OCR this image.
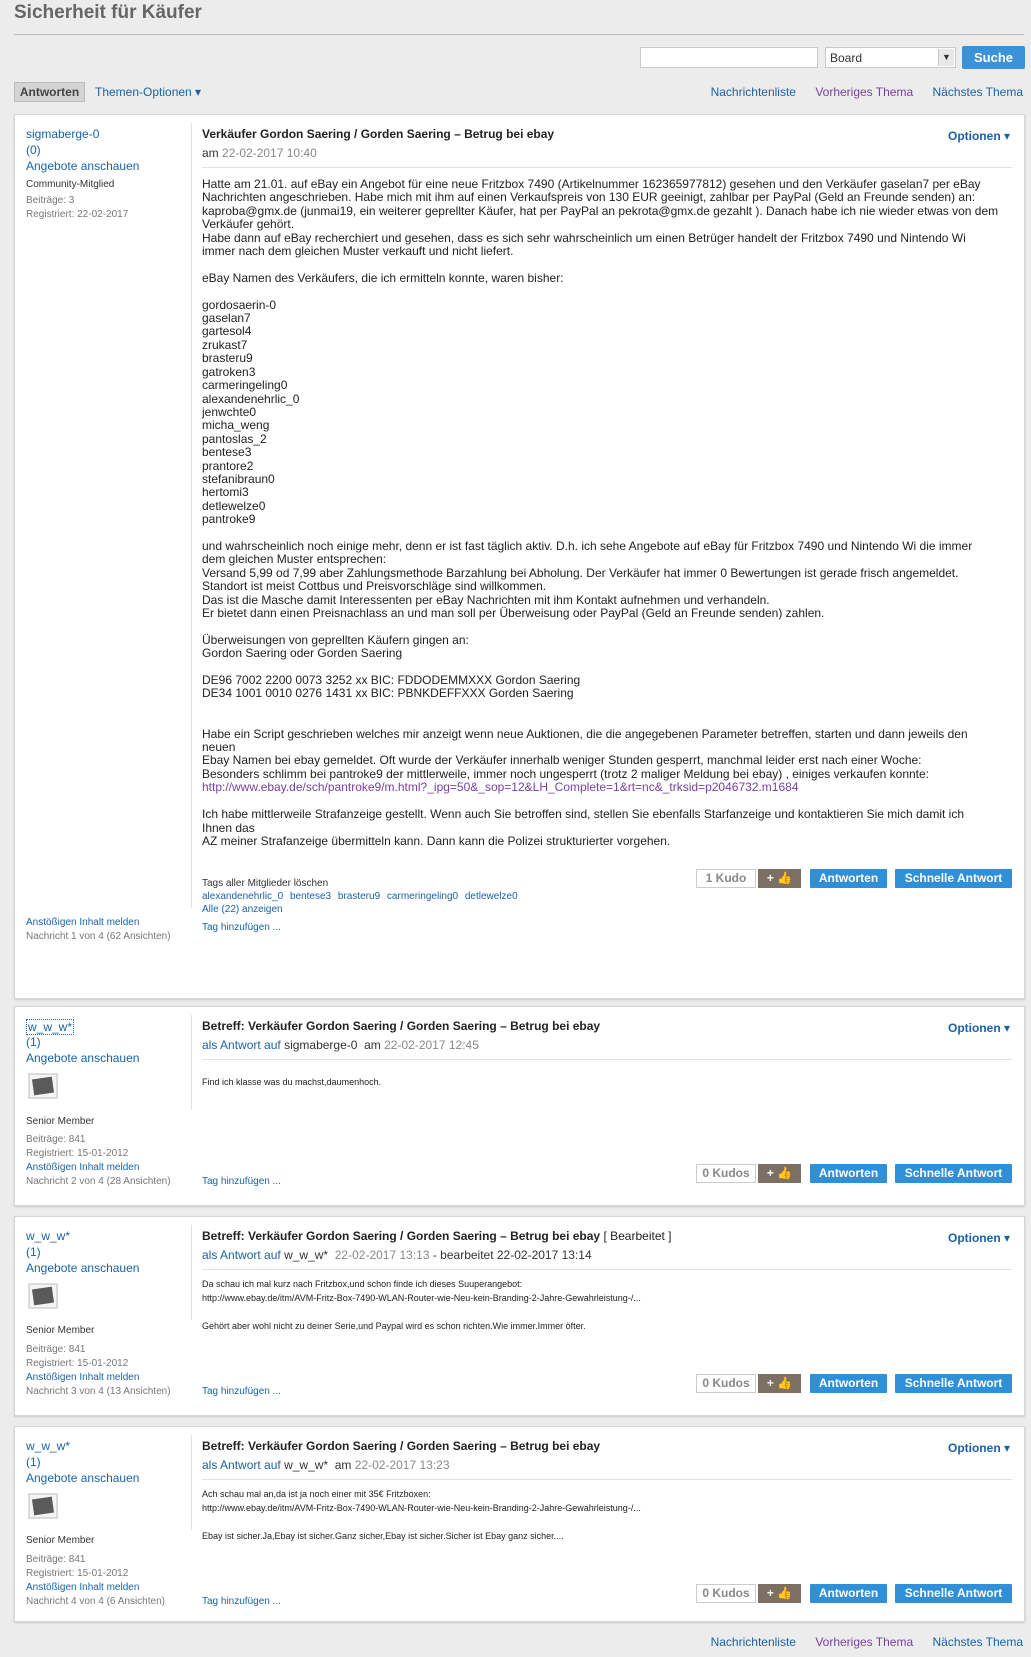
Sicherheit für Käufer
Board	▼	Suche
Antworten	Themen-Optionen ▾	Nachrichtenliste Vorheriges Thema Nächstes Thema
sigmaberge-0
(0)
Angebote anschauen
Community-Mitglied
Beiträge: 3
Registriert: 22-02-2017
Anstößigen Inhalt melden
Nachricht 1 von 4 (62 Ansichten)
Verkäufer Gordon Saering / Gorden Saering – Betrug bei ebay
am 22-02-2017 10:40
Optionen ▾
Hatte am 21.01. auf eBay ein Angebot für eine neue Fritzbox 7490 (Artikelnummer 162365977812) gesehen und den Verkäufer gaselan7 per eBay
Nachrichten angeschrieben. Habe mich mit ihm auf einen Verkaufspreis von 130 EUR geeinigt, zahlbar per PayPal (Geld an Freunde senden) an:
kaproba@gmx.de (junmai19, ein weiterer geprellter Käufer, hat per PayPal an pekrota@gmx.de gezahlt ). Danach habe ich nie wieder etwas von dem
Verkäufer gehört.
Habe dann auf eBay recherchiert und gesehen, dass es sich sehr wahrscheinlich um einen Betrüger handelt der Fritzbox 7490 und Nintendo Wi
immer nach dem gleichen Muster verkauft und nicht liefert.

eBay Namen des Verkäufers, die ich ermitteln konnte, waren bisher:

gordosaerin-0
gaselan7
gartesol4
zrukast7
brasteru9
gatroken3
carmeringeling0
alexandenehrlic_0
jenwchte0
micha_weng
pantoslas_2
bentese3
prantore2
stefanibraun0
hertomi3
detlewelze0
pantroke9

und wahrscheinlich noch einige mehr, denn er ist fast täglich aktiv. D.h. ich sehe Angebote auf eBay für Fritzbox 7490 und Nintendo Wi die immer
dem gleichen Muster entsprechen:
Versand 5,99 od 7,99 aber Zahlungsmethode Barzahlung bei Abholung. Der Verkäufer hat immer 0 Bewertungen ist gerade frisch angemeldet.
Standort ist meist Cottbus und Preisvorschläge sind willkommen.
Das ist die Masche damit Interessenten per eBay Nachrichten mit ihm Kontakt aufnehmen und verhandeln.
Er bietet dann einen Preisnachlass an und man soll per Überweisung oder PayPal (Geld an Freunde senden) zahlen.

Überweisungen von geprellten Käufern gingen an:
Gordon Saering oder Gorden Saering

DE96 7002 2200 0073 3252 xx BIC: FDDODEMMXXX Gordon Saering
DE34 1001 0010 0276 1431 xx BIC: PBNKDEFFXXX Gorden Saering

Habe ein Script geschrieben welches mir anzeigt wenn neue Auktionen, die die angegebenen Parameter betreffen, starten und dann jeweils den
neuen
Ebay Namen bei ebay gemeldet. Oft wurde der Verkäufer innerhalb weniger Stunden gesperrt, manchmal leider erst nach einer Woche:
Besonders schlimm bei pantroke9 der mittlerweile, immer noch ungesperrt (trotz 2 maliger Meldung bei ebay) , einiges verkaufen konnte:
http://www.ebay.de/sch/pantroke9/m.html?_ipg=50&_sop=12&LH_Complete=1&rt=nc&_trksid=p2046732.m1684

Ich habe mittlerweile Strafanzeige gestellt. Wenn auch Sie betroffen sind, stellen Sie ebenfalls Starfanzeige und kontaktieren Sie mich damit ich
Ihnen das
AZ meiner Strafanzeige übermitteln kann. Dann kann die Polizei strukturierter vorgehen.
Tags aller Mitglieder löschen
alexandenehrlic_0 bentese3 brasteru9 carmeringeling0 detlewelze0
Alle (22) anzeigen
Tag hinzufügen ...
1 Kudo	+ 👍	Antworten	Schnelle Antwort
w_w_w*
(1)
Angebote anschauen
Senior Member
Beiträge: 841
Registriert: 15-01-2012
Anstößigen Inhalt melden
Nachricht 2 von 4 (28 Ansichten)
Betreff: Verkäufer Gordon Saering / Gorden Saering – Betrug bei ebay
als Antwort auf sigmaberge-0 am 22-02-2017 12:45
Optionen ▾
Find ich klasse was du machst,daumenhoch.
Tag hinzufügen ...
0 Kudos	+ 👍	Antworten	Schnelle Antwort
w_w_w*
(1)
Angebote anschauen
Senior Member
Beiträge: 841
Registriert: 15-01-2012
Anstößigen Inhalt melden
Nachricht 3 von 4 (13 Ansichten)
Betreff: Verkäufer Gordon Saering / Gorden Saering – Betrug bei ebay [ Bearbeitet ]
als Antwort auf w_w_w* 22-02-2017 13:13 - bearbeitet 22-02-2017 13:14
Optionen ▾
Da schau ich mal kurz nach Fritzbox,und schon finde ich dieses Suuperangebot:
http://www.ebay.de/itm/AVM-Fritz-Box-7490-WLAN-Router-wie-Neu-kein-Branding-2-Jahre-Gewahrleistung-/...

Gehört aber wohl nicht zu deiner Serie,und Paypal wird es schon richten.Wie immer.Immer öfter.
Tag hinzufügen ...
0 Kudos	+ 👍	Antworten	Schnelle Antwort
w_w_w*
(1)
Angebote anschauen
Senior Member
Beiträge: 841
Registriert: 15-01-2012
Anstößigen Inhalt melden
Nachricht 4 von 4 (6 Ansichten)
Betreff: Verkäufer Gordon Saering / Gorden Saering – Betrug bei ebay
als Antwort auf w_w_w* am 22-02-2017 13:23
Optionen ▾
Ach schau mal an,da ist ja noch einer mit 35€ Fritzboxen:
http://www.ebay.de/itm/AVM-Fritz-Box-7490-WLAN-Router-wie-Neu-kein-Branding-2-Jahre-Gewahrleistung-/...

Ebay ist sicher.Ja,Ebay ist sicher.Ganz sicher,Ebay ist sicher.Sicher ist Ebay ganz sicher....
Tag hinzufügen ...
0 Kudos	+ 👍	Antworten	Schnelle Antwort
Nachrichtenliste Vorheriges Thema Nächstes Thema
